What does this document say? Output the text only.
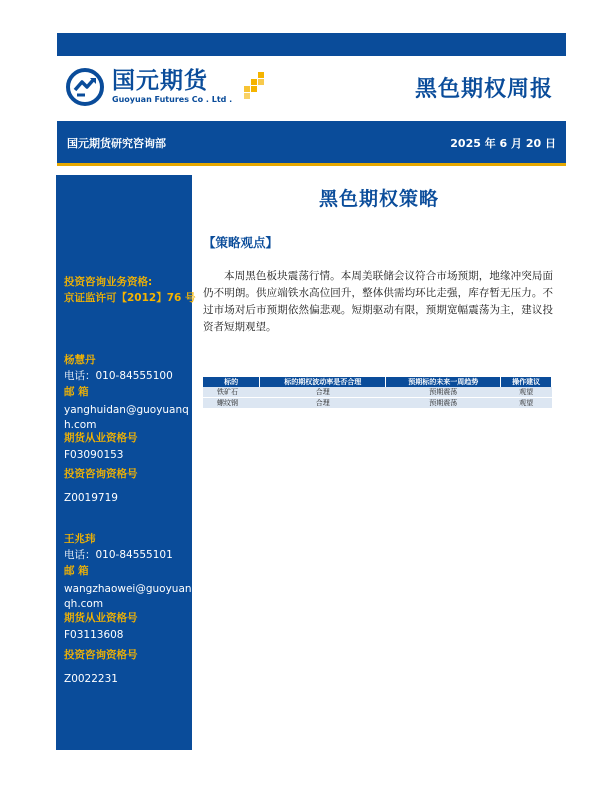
国元期货
Guoyuan Futures Co . Ltd .	黑色期权周报
国元期货研究咨询部	2025 年 6 月 20 日
投资咨询业务资格:
京证监许可【2012】76 号
杨慧丹
电话：010-84555100
邮 箱
yanghuidan@guoyuanq
h.com
期货从业资格号
F03090153
投资咨询资格号
Z0019719
王兆玮
电话：010-84555101
邮 箱
wangzhaowei@guoyuan
qh.com
期货从业资格号
F03113608
投资咨询资格号
Z0022231
黑色期权策略
【策略观点】

本周黑色板块震荡行情。本周美联储会议符合市场预期，地缘冲突局面仍不明朗。供应端铁水高位回升，整体供需均环比走强，库存暂无压力。不过市场对后市预期依然偏悲观。短期驱动有限，预期宽幅震荡为主，建议投资者短期观望。

标的	标的期权波动率是否合理	预期标的未来一周趋势	操作建议
铁矿石	合理	预期震荡	观望
螺纹钢	合理	预期震荡	观望
